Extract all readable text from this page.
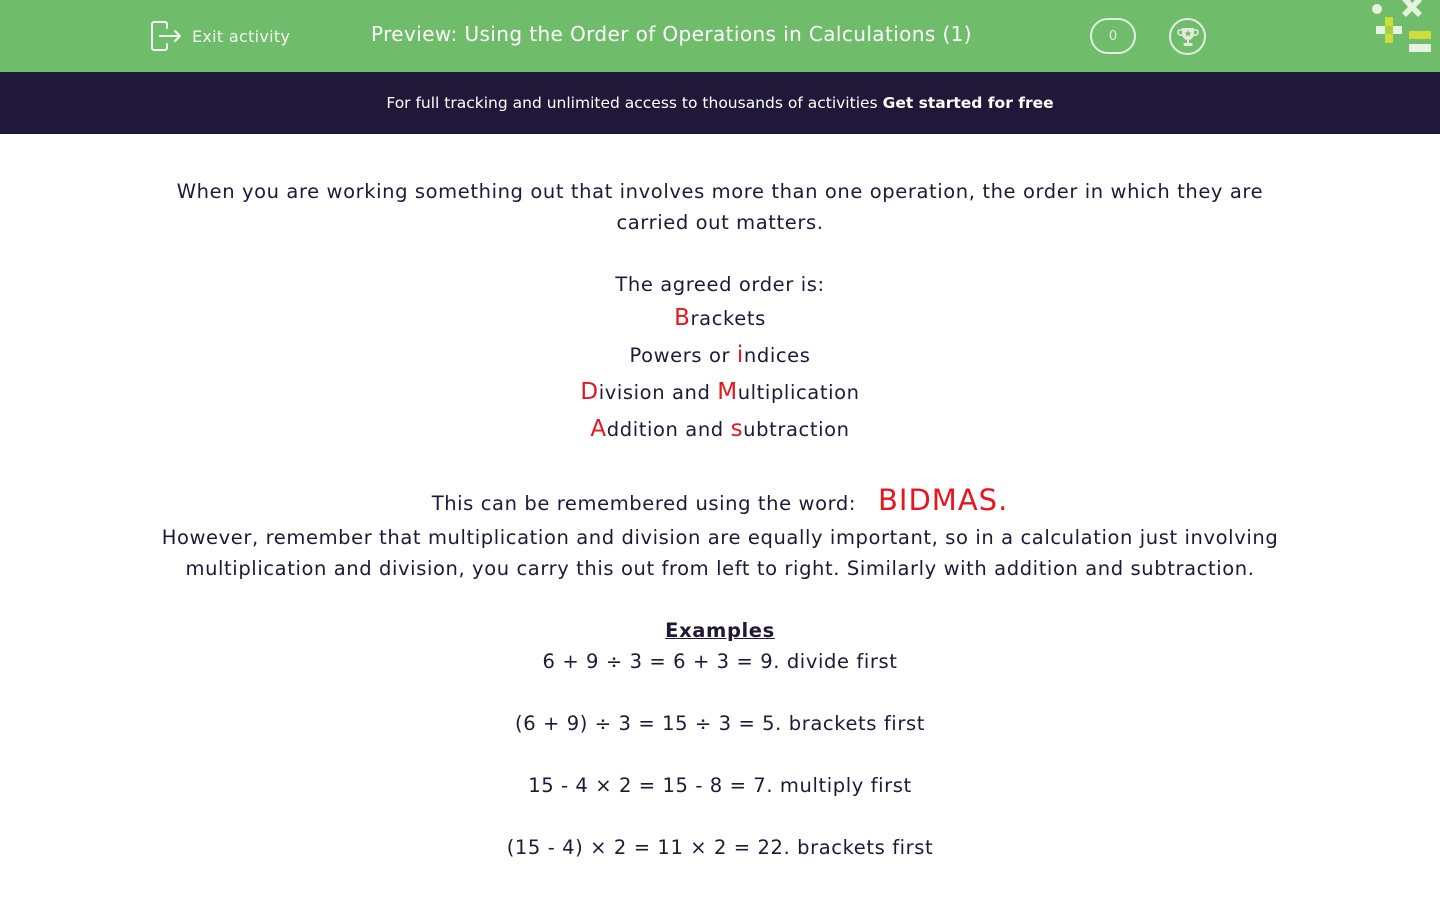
Exit activity	Preview: Using the Order of Operations in Calculations (1)	0
For full tracking and unlimited access to thousands of activities Get started for free

When you are working something out that involves more than one operation, the order in which they are carried out matters.

The agreed order is:

Brackets

Powers or indices

Division and Multiplication

Addition and subtraction

This can be remembered using the word: BIDMAS.

However, remember that multiplication and division are equally important, so in a calculation just involving multiplication and division, you carry this out from left to right. Similarly with addition and subtraction.

Examples

6 + 9 ÷ 3 = 6 + 3 = 9. divide first

(6 + 9) ÷ 3 = 15 ÷ 3 = 5. brackets first

15 - 4 × 2 = 15 - 8 = 7. multiply first

(15 - 4) × 2 = 11 × 2 = 22. brackets first
